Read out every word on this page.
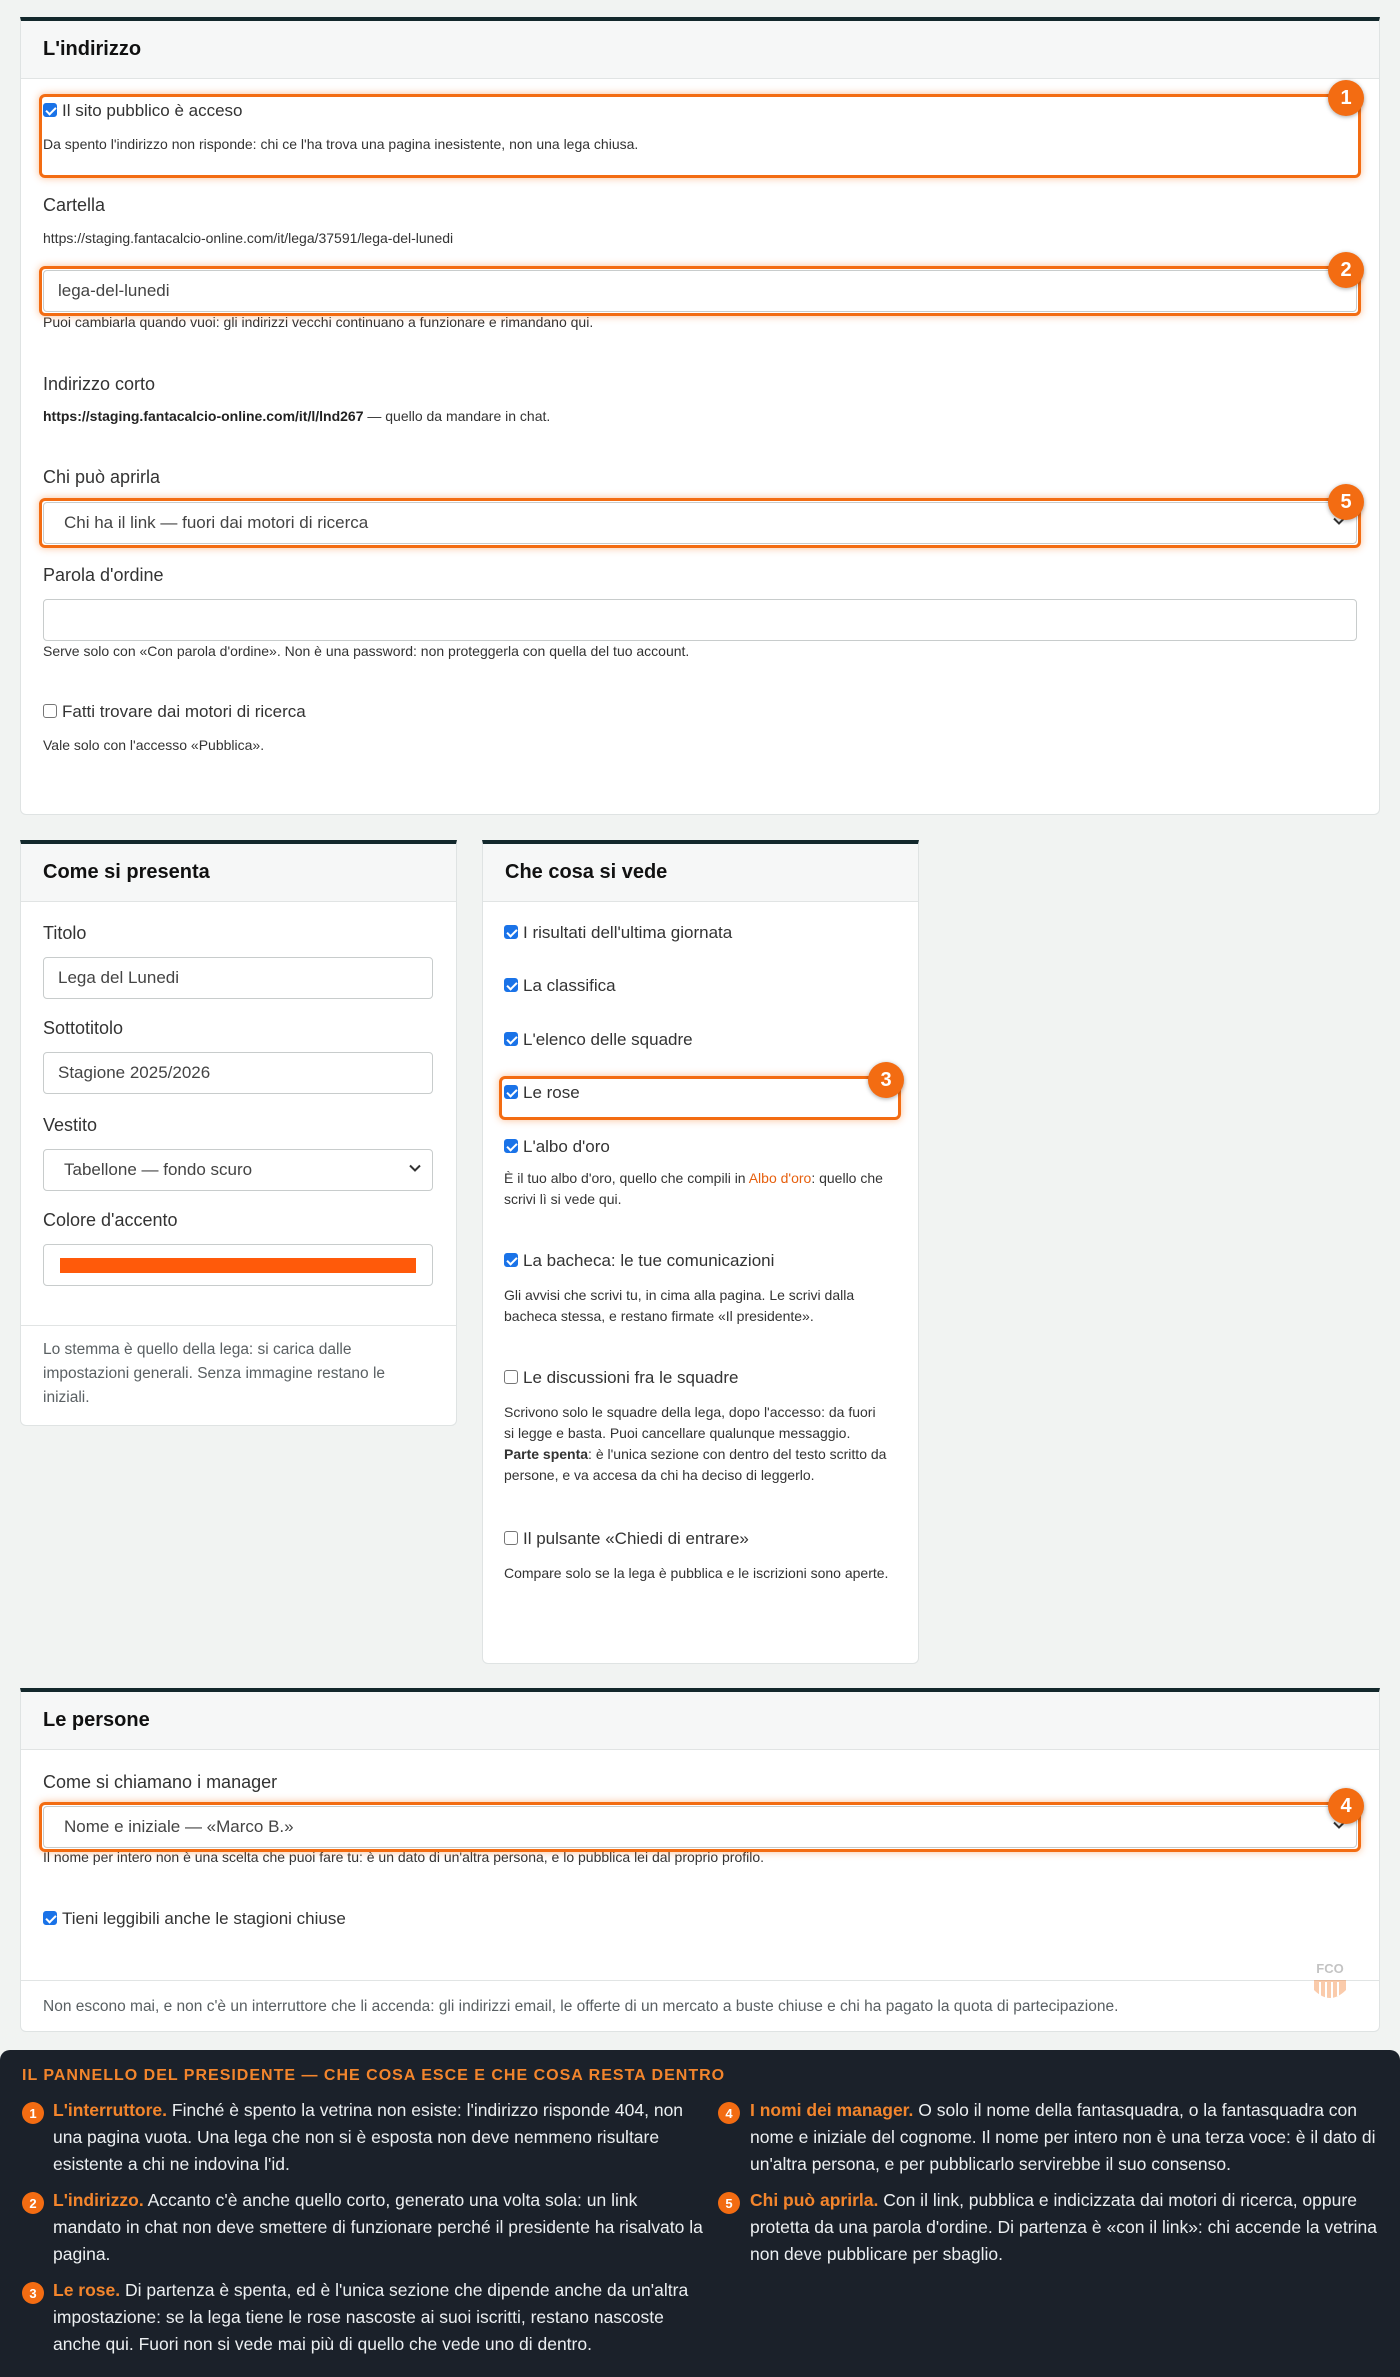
L'indirizzo
Il sito pubblico è acceso
Da spento l'indirizzo non risponde: chi ce l'ha trova una pagina inesistente, non una lega chiusa.
Cartella
https://staging.fantacalcio-online.com/it/lega/37591/lega-del-lunedi
lega-del-lunedi
Puoi cambiarla quando vuoi: gli indirizzi vecchi continuano a funzionare e rimandano qui.
Indirizzo corto
https://staging.fantacalcio-online.com/it/l/lnd267 — quello da mandare in chat.
Chi può aprirla
Chi ha il link — fuori dai motori di ricerca
Parola d'ordine
Serve solo con «Con parola d'ordine». Non è una password: non proteggerla con quella del tuo account.
Fatti trovare dai motori di ricerca
Vale solo con l'accesso «Pubblica».
Come si presenta
Titolo
Lega del Lunedi
Sottotitolo
Stagione 2025/2026
Vestito
Tabellone — fondo scuro
Colore d'accento
Lo stemma è quello della lega: si carica dalle impostazioni generali. Senza immagine restano le iniziali.
Che cosa si vede
I risultati dell'ultima giornata
La classifica
L'elenco delle squadre
Le rose
L'albo d'oro
È il tuo albo d'oro, quello che compili in Albo d'oro: quello che scrivi lì si vede qui.
La bacheca: le tue comunicazioni
Gli avvisi che scrivi tu, in cima alla pagina. Le scrivi dalla bacheca stessa, e restano firmate «Il presidente».
Le discussioni fra le squadre
Scrivono solo le squadre della lega, dopo l'accesso: da fuori si legge e basta. Puoi cancellare qualunque messaggio. Parte spenta: è l'unica sezione con dentro del testo scritto da persone, e va accesa da chi ha deciso di leggerlo.
Il pulsante «Chiedi di entrare»
Compare solo se la lega è pubblica e le iscrizioni sono aperte.
Le persone
Come si chiamano i manager
Nome e iniziale — «Marco B.»
Il nome per intero non è una scelta che puoi fare tu: è un dato di un'altra persona, e lo pubblica lei dal proprio profilo.
Tieni leggibili anche le stagioni chiuse
Non escono mai, e non c'è un interruttore che li accenda: gli indirizzi email, le offerte di un mercato a buste chiuse e chi ha pagato la quota di partecipazione.
FCO
1
2
5
3
4
IL PANNELLO DEL PRESIDENTE — CHE COSA ESCE E CHE COSA RESTA DENTRO
1 L'interruttore. Finché è spento la vetrina non esiste: l'indirizzo risponde 404, non una pagina vuota. Una lega che non si è esposta non deve nemmeno risultare esistente a chi ne indovina l'id.
2 L'indirizzo. Accanto c'è anche quello corto, generato una volta sola: un link mandato in chat non deve smettere di funzionare perché il presidente ha risalvato la pagina.
3 Le rose. Di partenza è spenta, ed è l'unica sezione che dipende anche da un'altra impostazione: se la lega tiene le rose nascoste ai suoi iscritti, restano nascoste anche qui. Fuori non si vede mai più di quello che vede uno di dentro.
4 I nomi dei manager. O solo il nome della fantasquadra, o la fantasquadra con nome e iniziale del cognome. Il nome per intero non è una terza voce: è il dato di un'altra persona, e per pubblicarlo servirebbe il suo consenso.
5 Chi può aprirla. Con il link, pubblica e indicizzata dai motori di ricerca, oppure protetta da una parola d'ordine. Di partenza è «con il link»: chi accende la vetrina non deve pubblicare per sbaglio.
